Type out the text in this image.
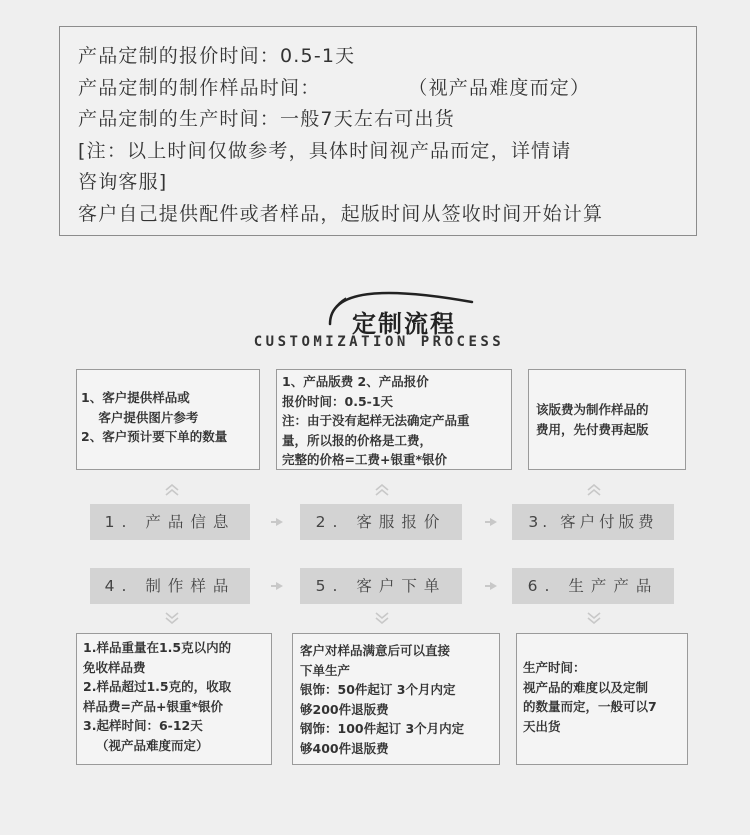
产品定制的报价时间：0.5-1天
产品定制的制作样品时间：	（视产品难度而定）
产品定制的生产时间：一般7天左右可出货
[注：以上时间仅做参考，具体时间视产品而定，详情请
咨询客服]
客户自己提供配件或者样品，起版时间从签收时间开始计算
定制流程
CUSTOMIZATION PROCESS
1、客户提供样品或
客户提供图片参考
2、客户预计要下单的数量
1、产品版费 2、产品报价
报价时间：0.5-1天
注：由于没有起样无法确定产品重
量，所以报的价格是工费，
完整的价格=工费+银重*银价
该版费为制作样品的
费用，先付费再起版
1. 产品信息	2. 客服报价	3. 客户付版费
4. 制作样品	5. 客户下单	6. 生产产品
1.样品重量在1.5克以内的
免收样品费
2.样品超过1.5克的，收取
样品费=产品+银重*银价
3.起样时间：6-12天
（视产品难度而定）
客户对样品满意后可以直接
下单生产
银饰：50件起订 3个月内定
够200件退版费
钢饰：100件起订 3个月内定
够400件退版费
生产时间：
视产品的难度以及定制
的数量而定，一般可以7
天出货
